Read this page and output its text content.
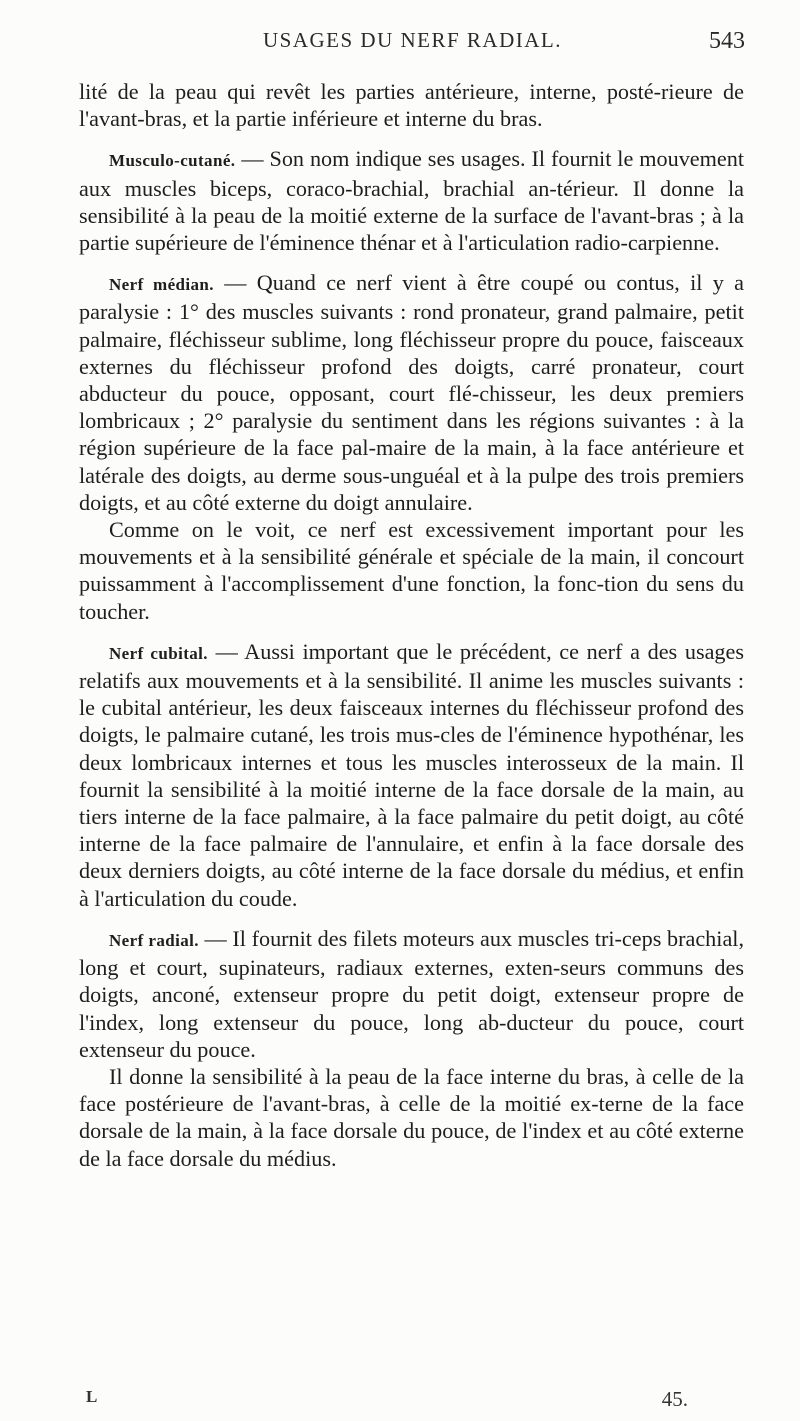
USAGES DU NERF RADIAL.	543

lité de la peau qui revêt les parties antérieure, interne, posté-rieure de l'avant-bras, et la partie inférieure et interne du bras.

Musculo-cutané. — Son nom indique ses usages. Il fournit le mouvement aux muscles biceps, coraco-brachial, brachial an-térieur. Il donne la sensibilité à la peau de la moitié externe de la surface de l'avant-bras ; à la partie supérieure de l'éminence thénar et à l'articulation radio-carpienne.

Nerf médian. — Quand ce nerf vient à être coupé ou contus, il y a paralysie : 1° des muscles suivants : rond pronateur, grand palmaire, petit palmaire, fléchisseur sublime, long fléchisseur propre du pouce, faisceaux externes du fléchisseur profond des doigts, carré pronateur, court abducteur du pouce, opposant, court flé-chisseur, les deux premiers lombricaux ; 2° paralysie du sentiment dans les régions suivantes : à la région supérieure de la face pal-maire de la main, à la face antérieure et latérale des doigts, au derme sous-unguéal et à la pulpe des trois premiers doigts, et au côté externe du doigt annulaire.

Comme on le voit, ce nerf est excessivement important pour les mouvements et à la sensibilité générale et spéciale de la main, il concourt puissamment à l'accomplissement d'une fonction, la fonc-tion du sens du toucher.

Nerf cubital. — Aussi important que le précédent, ce nerf a des usages relatifs aux mouvements et à la sensibilité. Il anime les muscles suivants : le cubital antérieur, les deux faisceaux internes du fléchisseur profond des doigts, le palmaire cutané, les trois mus-cles de l'éminence hypothénar, les deux lombricaux internes et tous les muscles interosseux de la main. Il fournit la sensibilité à la moitié interne de la face dorsale de la main, au tiers interne de la face palmaire, à la face palmaire du petit doigt, au côté interne de la face palmaire de l'annulaire, et enfin à la face dorsale des deux derniers doigts, au côté interne de la face dorsale du médius, et enfin à l'articulation du coude.

Nerf radial. — Il fournit des filets moteurs aux muscles tri-ceps brachial, long et court, supinateurs, radiaux externes, exten-seurs communs des doigts, anconé, extenseur propre du petit doigt, extenseur propre de l'index, long extenseur du pouce, long ab-ducteur du pouce, court extenseur du pouce.

Il donne la sensibilité à la peau de la face interne du bras, à celle de la face postérieure de l'avant-bras, à celle de la moitié ex-terne de la face dorsale de la main, à la face dorsale du pouce, de l'index et au côté externe de la face dorsale du médius.

L	45.
